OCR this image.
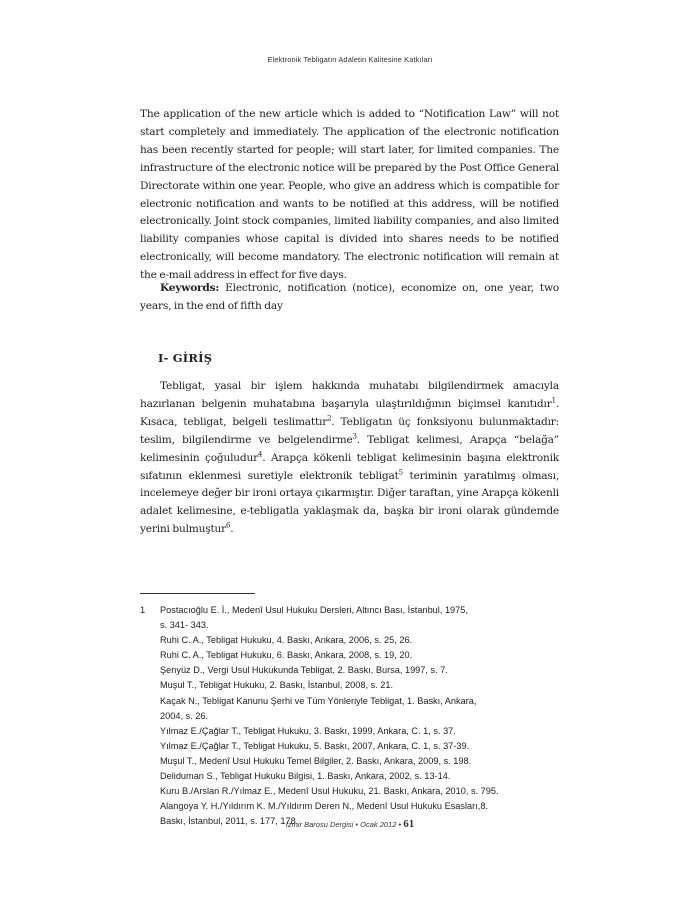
Elektronik Tebligatın Adaletin Kalitesine Katkıları
The application of the new article which is added to “Notification Law” will not start completely and immediately. The application of the electronic notification has been recently started for people; will start later, for limited companies. The infrastructure of the electronic notice will be prepared by the Post Office General Directorate within one year. People, who give an address which is compatible for electronic notification and wants to be notified at this address, will be notified electronically. Joint stock companies, limited liability companies, and also limited liability companies whose capital is divided into shares needs to be notified electronically, will become mandatory. The electronic notification will remain at the e-mail address in effect for five days.
Keywords: Electronic, notification (notice), economize on, one year, two years, in the end of fifth day
I- GİRİŞ
Tebligat, yasal bir işlem hakkında muhatabı bilgilendirmek amacıyla hazırlanan belgenin muhatabına başarıyla ulaştırıldığının biçimsel kanıtıdır$^1$. Kısaca, tebligat, belgeli teslimattır$^2$. Tebligatın üç fonksiyonu bulunmaktadır: teslim, bilgilendirme ve belgelendirme$^3$. Tebligat kelimesi, Arapça “belağa” kelimesinin çoğuludur$^4$. Arapça kökenli tebligat kelimesinin başına elektronik sıfatının eklenmesi suretiyle elektronik tebligat$^5$ teriminin yaratılmış olması, incelemeye değer bir ironi ortaya çıkarmıştır. Diğer taraftan, yine Arapça kökenli adalet kelimesine, e-tebligatla yaklaşmak da, başka bir ironi olarak gündemde yerini bulmuştur$^6$.
1 Postacıoğlu E. İ., Medenî Usul Hukuku Dersleri, Altıncı Bası, İstanbul, 1975,
s. 341- 343.
Ruhi C. A., Tebligat Hukuku, 4. Baskı, Ankara, 2006, s. 25, 26.
Ruhi C. A., Tebligat Hukuku, 6. Baskı, Ankara, 2008, s. 19, 20.
Şenyüz D., Vergi Usul Hukukunda Tebligat, 2. Baskı, Bursa, 1997, s. 7.
Muşul T., Tebligat Hukuku, 2. Baskı, İstanbul, 2008, s. 21.
Kaçak N., Tebligat Kanunu Şerhi ve Tüm Yönleriyle Tebligat, 1. Baskı, Ankara,
2004, s. 26.
Yılmaz E./Çağlar T., Tebligat Hukuku, 3. Baskı, 1999, Ankara, C. 1, s. 37.
Yılmaz E./Çağlar T., Tebligat Hukuku, 5. Baskı, 2007, Ankara, C. 1, s. 37-39.
Muşul T., Medenî Usul Hukuku Temel Bilgiler, 2. Baskı, Ankara, 2009, s. 198.
Deliduman S., Tebligat Hukuku Bilgisi, 1. Baskı, Ankara, 2002, s. 13-14.
Kuru B./Arslan R./Yılmaz E., Medenî Usul Hukuku, 21. Baskı, Ankara, 2010, s. 795.
Alangoya Y. H./Yıldırım K. M./Yıldırım Deren N., Medenî Usul Hukuku Esasları,8.
Baskı, İstanbul, 2011, s. 177, 178.
İzmir Barosu Dergisi • Ocak 2012 • 61
